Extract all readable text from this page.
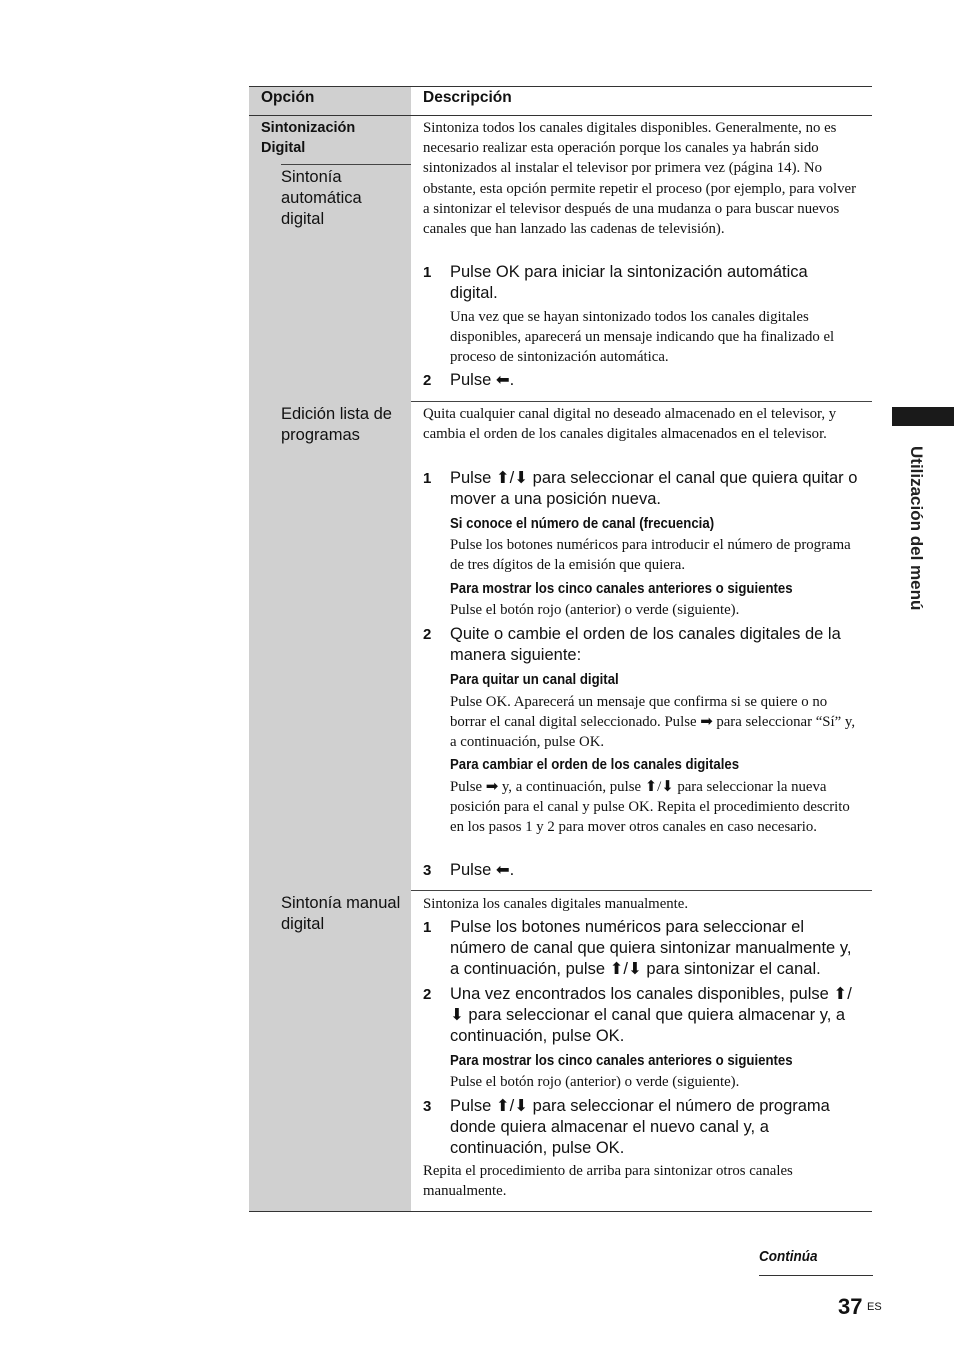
Opción	Descripción
Sintonización Digital
Sintonía automática digital
Sintoniza todos los canales digitales disponibles. Generalmente, no es necesario realizar esta operación porque los canales ya habrán sido sintonizados al instalar el televisor por primera vez (página 14). No obstante, esta opción permite repetir el proceso (por ejemplo, para volver a sintonizar el televisor después de una mudanza o para buscar nuevos canales que han lanzado las cadenas de televisión).
1 Pulse OK para iniciar la sintonización automática digital.
Una vez que se hayan sintonizado todos los canales digitales disponibles, aparecerá un mensaje indicando que ha finalizado el proceso de sintonización automática.
2 Pulse ⬅.
Edición lista de programas
Quita cualquier canal digital no deseado almacenado en el televisor, y cambia el orden de los canales digitales almacenados en el televisor.
1 Pulse ⬆/⬇ para seleccionar el canal que quiera quitar o mover a una posición nueva.
Si conoce el número de canal (frecuencia)
Pulse los botones numéricos para introducir el número de programa de tres dígitos de la emisión que quiera.
Para mostrar los cinco canales anteriores o siguientes
Pulse el botón rojo (anterior) o verde (siguiente).
2 Quite o cambie el orden de los canales digitales de la manera siguiente:
Para quitar un canal digital
Pulse OK. Aparecerá un mensaje que confirma si se quiere o no borrar el canal digital seleccionado. Pulse ➡ para seleccionar “Sí” y, a continuación, pulse OK.
Para cambiar el orden de los canales digitales
Pulse ➡ y, a continuación, pulse ⬆/⬇ para seleccionar la nueva posición para el canal y pulse OK. Repita el procedimiento descrito en los pasos 1 y 2 para mover otros canales en caso necesario.
3 Pulse ⬅.
Sintonía manual digital
Sintoniza los canales digitales manualmente.
1 Pulse los botones numéricos para seleccionar el número de canal que quiera sintonizar manualmente y, a continuación, pulse ⬆/⬇ para sintonizar el canal.
2 Una vez encontrados los canales disponibles, pulse ⬆/⬇ para seleccionar el canal que quiera almacenar y, a continuación, pulse OK.
Para mostrar los cinco canales anteriores o siguientes
Pulse el botón rojo (anterior) o verde (siguiente).
3 Pulse ⬆/⬇ para seleccionar el número de programa donde quiera almacenar el nuevo canal y, a continuación, pulse OK.
Repita el procedimiento de arriba para sintonizar otros canales manualmente.
Utilización del menú
Continúa
37 ES
